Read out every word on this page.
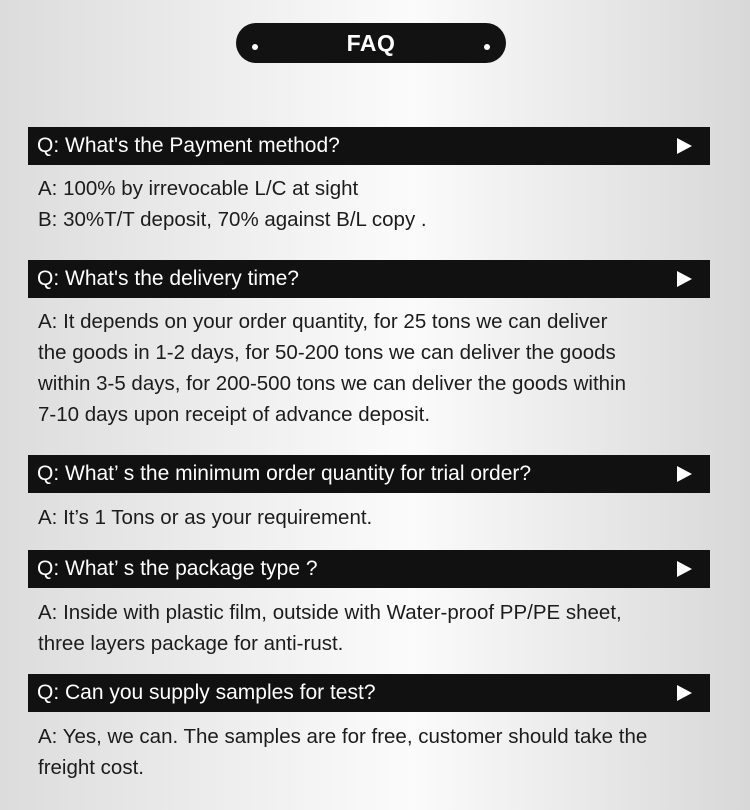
FAQ
Q: What's the Payment method?
A: 100% by irrevocable L/C at sight
B: 30%T/T deposit, 70% against B/L copy .
Q: What's the delivery time?
A: It depends on your order quantity, for 25 tons we can deliver
the goods in 1-2 days, for 50-200 tons we can deliver the goods
within 3-5 days, for 200-500 tons we can deliver the goods within
7-10 days upon receipt of advance deposit.
Q: What’ s the minimum order quantity for trial order?
A: It’s 1 Tons or as your requirement.
Q: What’ s the package type ?
A: Inside with plastic film, outside with Water-proof PP/PE sheet,
three layers package for anti-rust.
Q: Can you supply samples for test?
A: Yes, we can. The samples are for free, customer should take the
freight cost.
